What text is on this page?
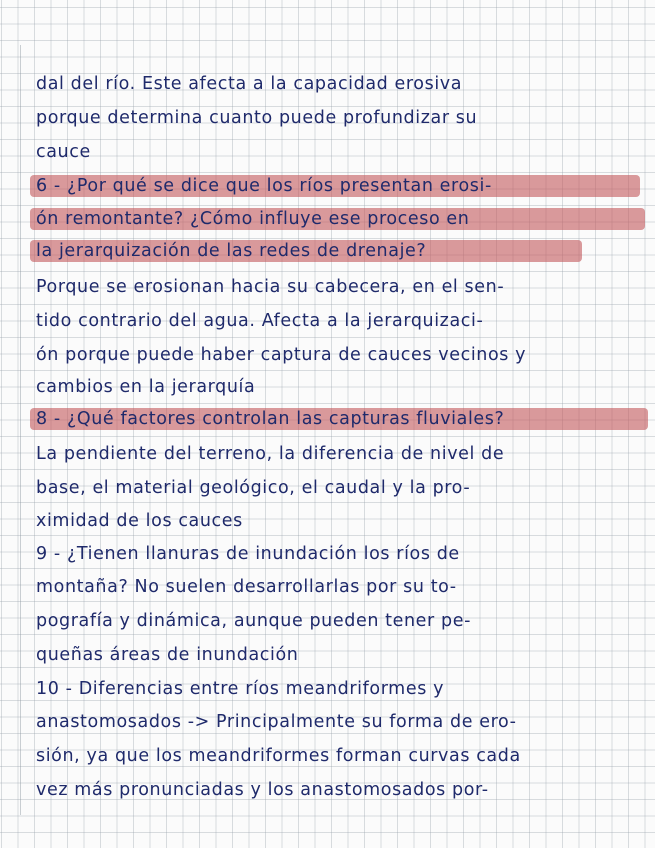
dal del río. Este afecta a la capacidad erosiva
porque determina cuanto puede profundizar su
cauce
6 - ¿Por qué se dice que los ríos presentan erosi-
ón remontante? ¿Cómo influye ese proceso en
la jerarquización de las redes de drenaje?
Porque se erosionan hacia su cabecera, en el sen-
tido contrario del agua. Afecta a la jerarquizaci-
ón porque puede haber captura de cauces vecinos y
cambios en la jerarquía
8 - ¿Qué factores controlan las capturas fluviales?
La pendiente del terreno, la diferencia de nivel de
base, el material geológico, el caudal y la pro-
ximidad de los cauces
9 - ¿Tienen llanuras de inundación los ríos de
montaña? No suelen desarrollarlas por su to-
pografía y dinámica, aunque pueden tener pe-
queñas áreas de inundación
10 - Diferencias entre ríos meandriformes y
anastomosados -> Principalmente su forma de ero-
sión, ya que los meandriformes forman curvas cada
vez más pronunciadas y los anastomosados por-
